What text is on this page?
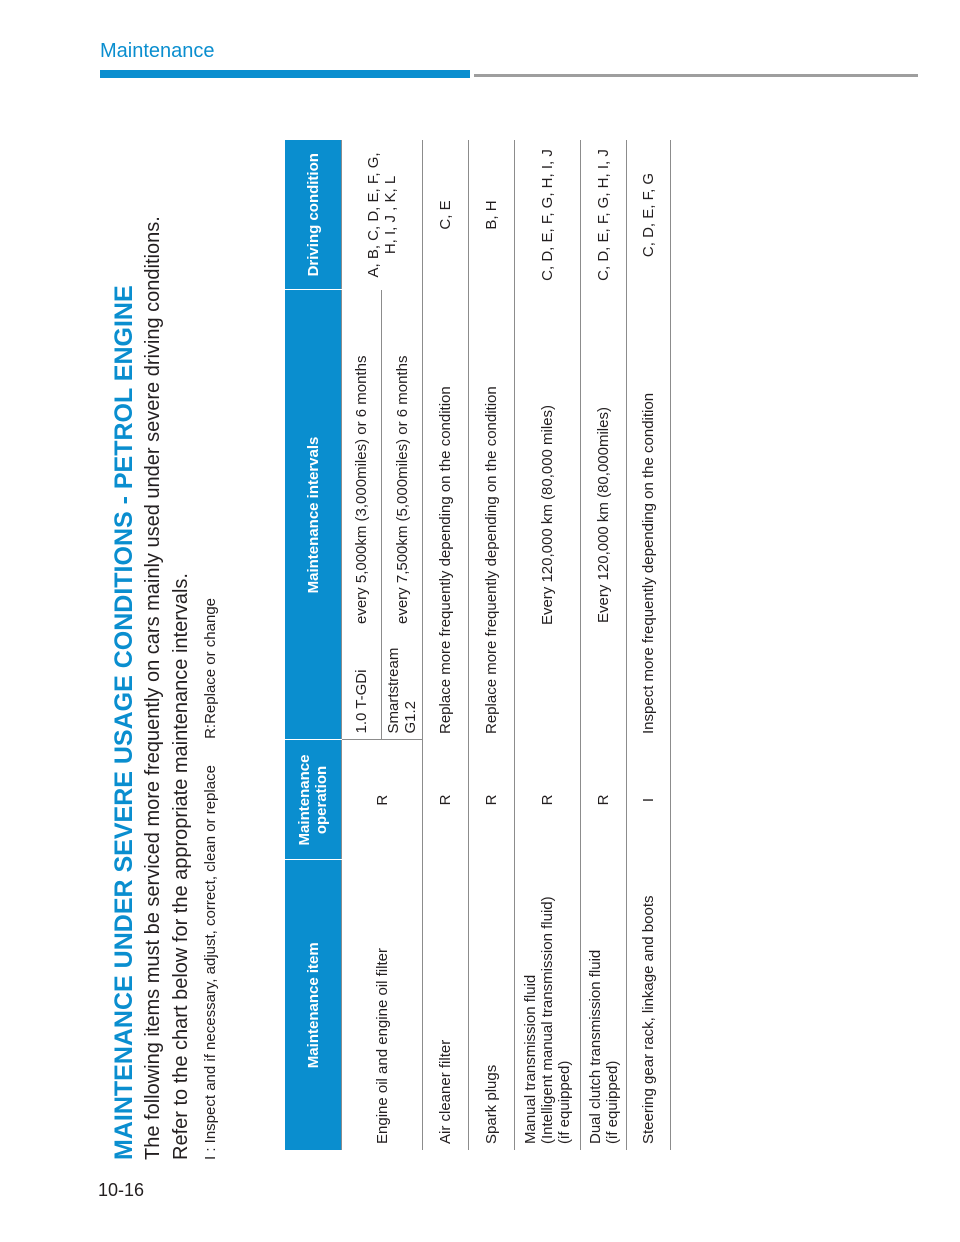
Maintenance
10-16
MAINTENANCE UNDER SEVERE USAGE CONDITIONS - PETROL ENGINE The following items must be serviced more frequently on cars mainly used under severe driving conditions. Refer to the chart below for the appropriate maintenance intervals. I : Inspect and if necessary, adjust, correct, clean or replace R:Replace or change
Maintenance item	Maintenance operation	Maintenance intervals		Driving condition
Engine oil and engine oil filter	R	1.0 T-GDi	every 5,000km (3,000miles) or 6 months	A, B, C, D, E, F, G, H, I, J , K, L
		Smartstream G1.2	every 7,500km (5,000miles) or 6 months	
Air cleaner filter	R	Replace more frequently depending on the condition		C, E
Spark plugs	R	Replace more frequently depending on the condition		B, H

Manual transmission fluid (Intelligent manual transmission fluid) (if equipped)	R	Every 120,000 km (80,000 miles)		C, D, E, F, G, H, I, J

Dual clutch transmission fluid (if equipped)	R	Every 120,000 km (80,000miles)		C, D, E, F, G, H, I, J
Steering gear rack, linkage and boots	I	Inspect more frequently depending on the condition		C, D, E, F, G
